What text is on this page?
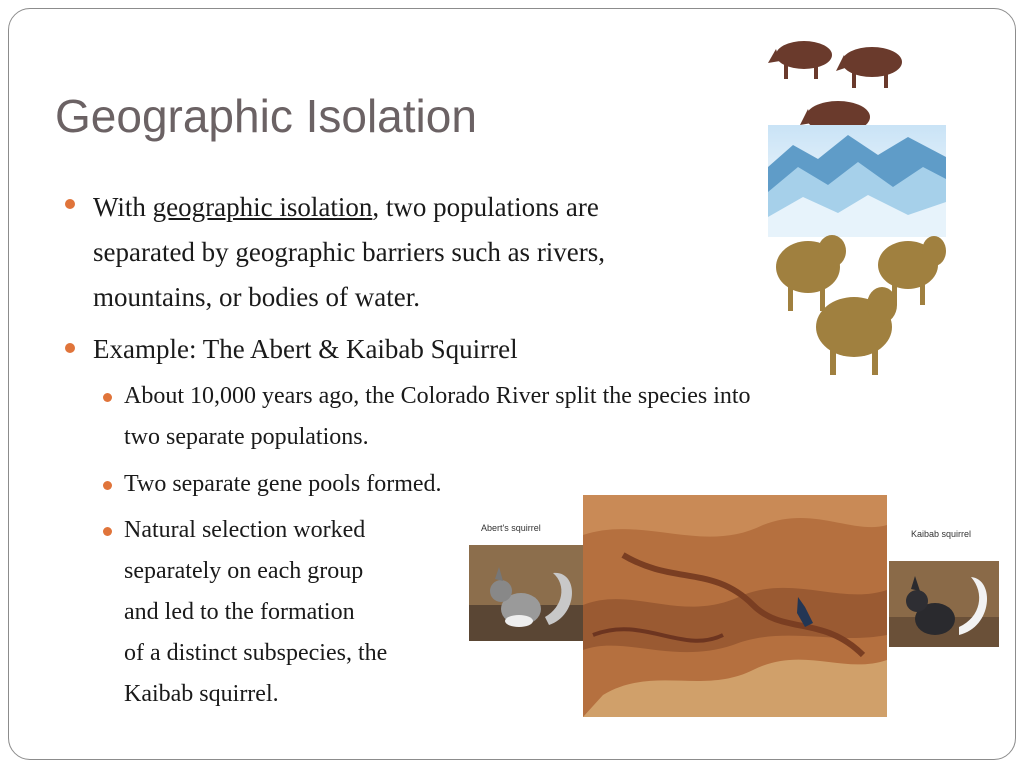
Geographic Isolation
With geographic isolation, two populations are
separated by geographic barriers such as rivers,
mountains, or bodies of water.
Example: The Abert & Kaibab Squirrel
About 10,000 years ago, the Colorado River split the species into
two separate populations.
Two separate gene pools formed.
Natural selection worked
separately on each group
and led to the formation
of a distinct subspecies, the
Kaibab squirrel.
Abert's squirrel
Kaibab squirrel
